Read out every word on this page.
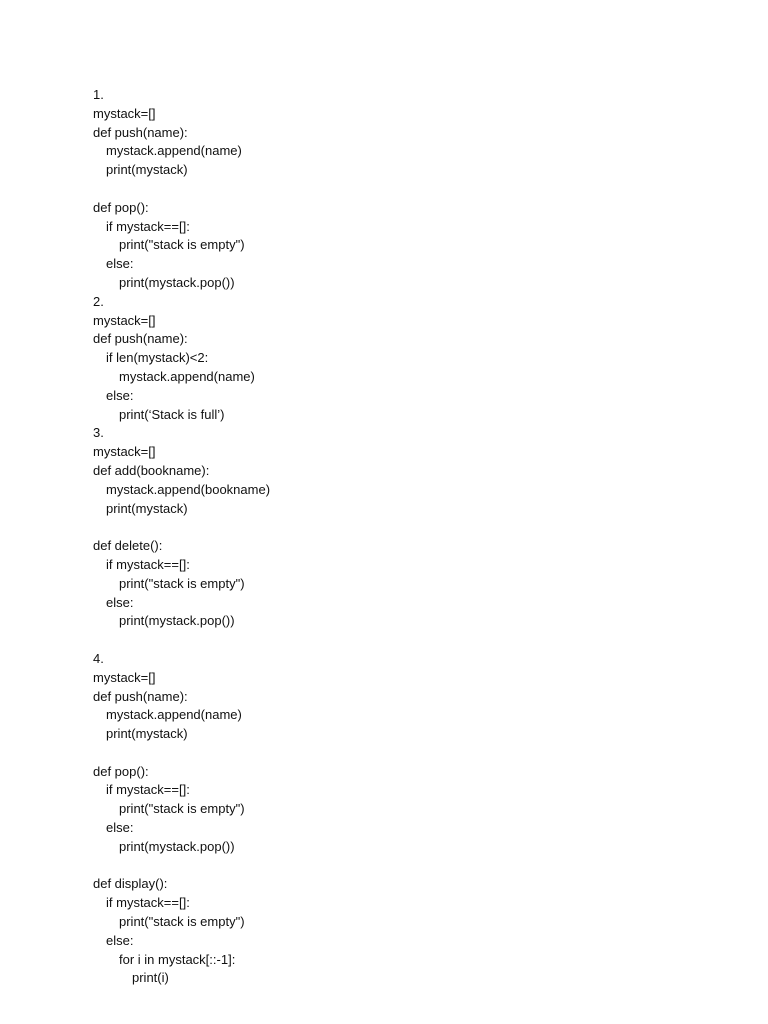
1.
mystack=[]
def push(name):
mystack.append(name)
print(mystack)
def pop():
if mystack==[]:
print("stack is empty")
else:
print(mystack.pop())
2.
mystack=[]
def push(name):
if len(mystack)<2:
mystack.append(name)
else:
print(‘Stack is full’)
3.
mystack=[]
def add(bookname):
mystack.append(bookname)
print(mystack)
def delete():
if mystack==[]:
print("stack is empty")
else:
print(mystack.pop())
4.
mystack=[]
def push(name):
mystack.append(name)
print(mystack)
def pop():
if mystack==[]:
print("stack is empty")
else:
print(mystack.pop())
def display():
if mystack==[]:
print("stack is empty")
else:
for i in mystack[::-1]:
print(i)
